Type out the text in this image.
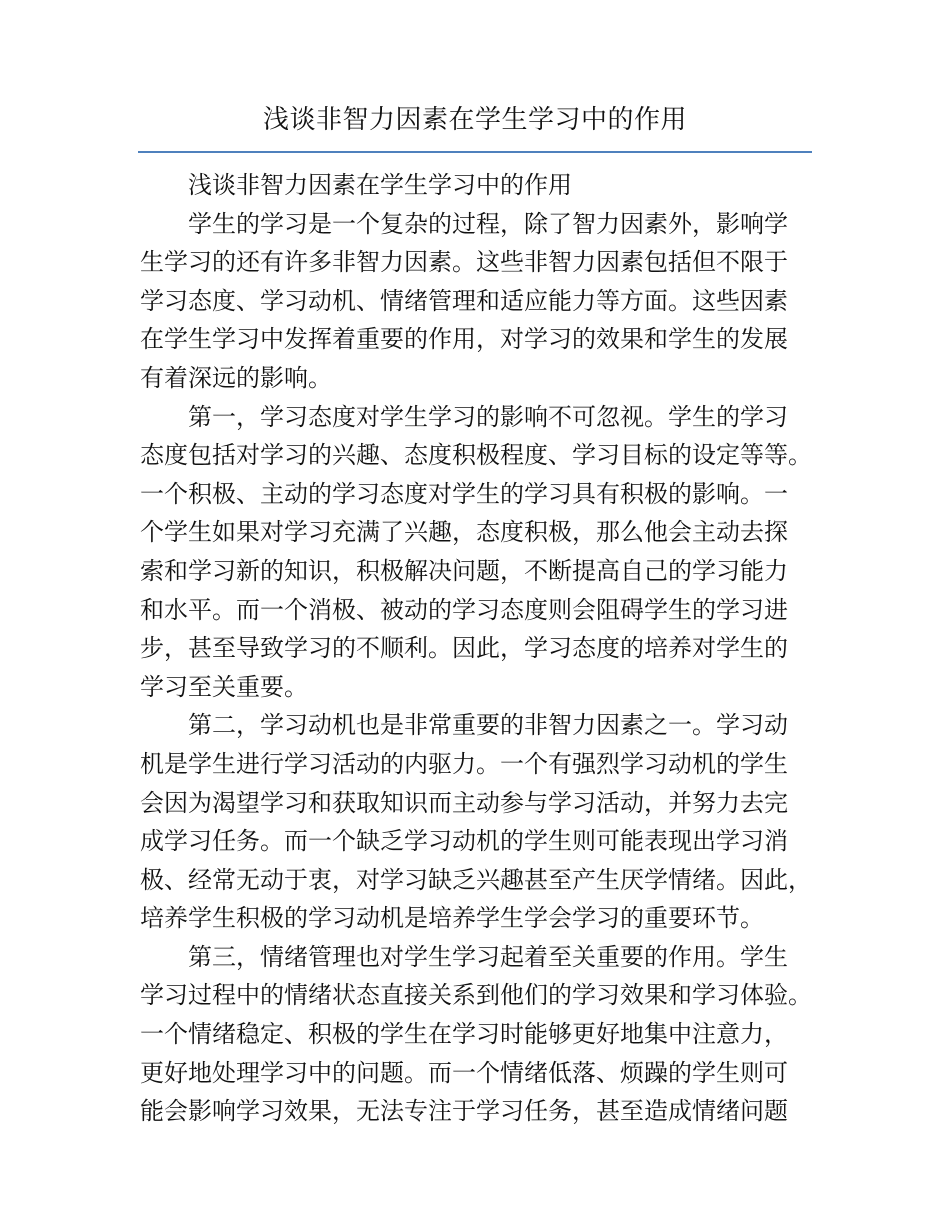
浅谈非智力因素在学生学习中的作用

浅谈非智力因素在学生学习中的作用

学生的学习是一个复杂的过程，除了智力因素外，影响学
生学习的还有许多非智力因素。这些非智力因素包括但不限于
学习态度、学习动机、情绪管理和适应能力等方面。这些因素
在学生学习中发挥着重要的作用，对学习的效果和学生的发展
有着深远的影响。

第一，学习态度对学生学习的影响不可忽视。学生的学习
态度包括对学习的兴趣、态度积极程度、学习目标的设定等等。
一个积极、主动的学习态度对学生的学习具有积极的影响。一
个学生如果对学习充满了兴趣，态度积极，那么他会主动去探
索和学习新的知识，积极解决问题，不断提高自己的学习能力
和水平。而一个消极、被动的学习态度则会阻碍学生的学习进
步，甚至导致学习的不顺利。因此，学习态度的培养对学生的
学习至关重要。

第二，学习动机也是非常重要的非智力因素之一。学习动
机是学生进行学习活动的内驱力。一个有强烈学习动机的学生
会因为渴望学习和获取知识而主动参与学习活动，并努力去完
成学习任务。而一个缺乏学习动机的学生则可能表现出学习消
极、经常无动于衷，对学习缺乏兴趣甚至产生厌学情绪。因此，
培养学生积极的学习动机是培养学生学会学习的重要环节。

第三，情绪管理也对学生学习起着至关重要的作用。学生
学习过程中的情绪状态直接关系到他们的学习效果和学习体验。
一个情绪稳定、积极的学生在学习时能够更好地集中注意力，
更好地处理学习中的问题。而一个情绪低落、烦躁的学生则可
能会影响学习效果，无法专注于学习任务，甚至造成情绪问题
